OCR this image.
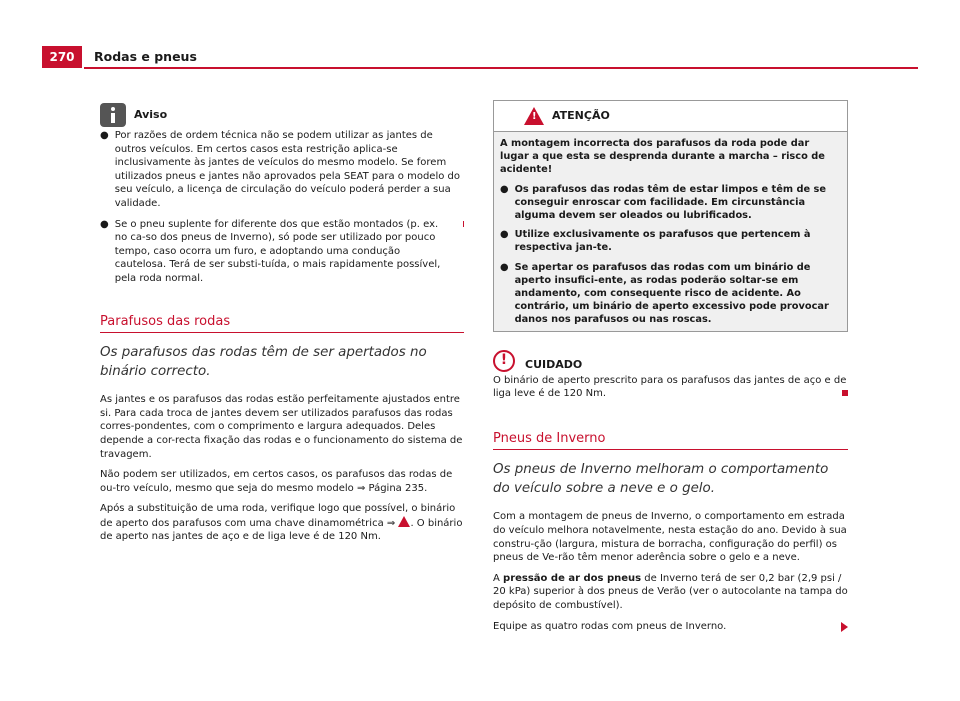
270	Rodas e pneus
Aviso

● Por razões de ordem técnica não se podem utilizar as jantes de outros veículos. Em certos casos esta restrição aplica-se inclusivamente às jantes de veículos do mesmo modelo. Se forem utilizados pneus e jantes não aprovados pela SEAT para o modelo do seu veículo, a licença de circulação do veículo poderá perder a sua validade.

● Se o pneu suplente for diferente dos que estão montados (p. ex. no ca-so dos pneus de Inverno), só pode ser utilizado por pouco tempo, caso ocorra um furo, e adoptando uma condução cautelosa. Terá de ser substi-tuída, o mais rapidamente possível, pela roda normal.

Parafusos das rodas
Os parafusos das rodas têm de ser apertados no binário correcto.

As jantes e os parafusos das rodas estão perfeitamente ajustados entre si. Para cada troca de jantes devem ser utilizados parafusos das rodas corres-pondentes, com o comprimento e largura adequados. Deles depende a cor-recta fixação das rodas e o funcionamento do sistema de travagem.

Não podem ser utilizados, em certos casos, os parafusos das rodas de ou-tro veículo, mesmo que seja do mesmo modelo ⇒ Página 235.

Após a substituição de uma roda, verifique logo que possível, o binário de aperto dos parafusos com uma chave dinamométrica ⇒ . O binário de aperto nas jantes de aço e de liga leve é de 120 Nm.

! ATENÇÃO

A montagem incorrecta dos parafusos da roda pode dar lugar a que esta se desprenda durante a marcha – risco de acidente!

● Os parafusos das rodas têm de estar limpos e têm de se conseguir enroscar com facilidade. Em circunstância alguma devem ser oleados ou lubrificados.

● Utilize exclusivamente os parafusos que pertencem à respectiva jan-te.

● Se apertar os parafusos das rodas com um binário de aperto insufici-ente, as rodas poderão soltar-se em andamento, com consequente risco de acidente. Ao contrário, um binário de aperto excessivo pode provocar danos nos parafusos ou nas roscas.

!	CUIDADO

O binário de aperto prescrito para os parafusos das jantes de aço e de liga leve é de 120 Nm.

Pneus de Inverno
Os pneus de Inverno melhoram o comportamento do veículo sobre a neve e o gelo.

Com a montagem de pneus de Inverno, o comportamento em estrada do veículo melhora notavelmente, nesta estação do ano. Devido à sua constru-ção (largura, mistura de borracha, configuração do perfil) os pneus de Ve-rão têm menor aderência sobre o gelo e a neve.

A pressão de ar dos pneus de Inverno terá de ser 0,2 bar (2,9 psi / 20 kPa) superior à dos pneus de Verão (ver o autocolante na tampa do depósito de combustível).

Equipe as quatro rodas com pneus de Inverno.
